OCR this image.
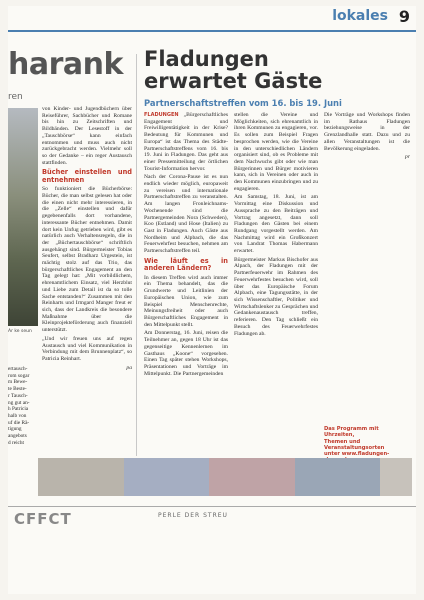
lokales 9
harank
ren
Ar ke seun
ertausch-
rom sogar
m Bewe-
te Beste-
r Tausch-
ng gut an-
h Patricia
halb von
uf die Rä-
tigung
angebots
d reicht

von Kinder- und Jugendbüchern über Reiseführer, Sachbücher und Romane bis hin zu Zeitschriften und Bildbänden. Der Lesestoff in der „Tauschbörse“ kann einfach entnommen und muss auch nicht zurückgebracht werden. Vielmehr soll so der Gedanke – ein reger Austausch stattfinden.

Bücher einstellen und entnehmen

So funktioniert die Bücherbörse: Bücher, die man selbst gelesen hat oder die einen nicht mehr interessieren, in die „Zelle“ einstellen und dafür gegebenenfalls dort vorhandene, interessante Bücher entnehmen. Damit dort kein Unfug getrieben wird, gibt es natürlich auch Verhaltensregeln, die in der „Büchertauschbörse“ schriftlich ausgehängt sind. Bürgermeister Tobias Seufert, selbst Bradharz Urgestein, ist mächtig stolz auf das Trio, das bürgerschaftliches Engagement an den Tag gelegt hat: „Mit vorbildlichem, ehrenamtlichem Einsatz, viel Herzblut und Liebe zum Detail ist da so tolle Sache entstanden!“ Zusammen mit den Reinharts und Irmgard Manger freut er sich, dass der Landkreis die besondere Maßnahme über die Kleinprojekteförderung auch finanziell unterstützt.

„Und wir freuen uns auf regen Austausch und viel Kommunikation in Verbindung mit dem Brunnenplatz“, so Patricia Reinhart.

pa

Fladungen
erwartet Gäste
Partnerschaftstreffen vom 16. bis 19. Juni

FLADUNGEN „Bürgerschaftliches Engagement und Freiwilligentätigkeit in der Krise? Bedeutung für Kommunen und Europa“ ist das Thema des Städte-Partnerschaftstreffens vom 16. bis 19. Juni in Fladungen. Das geht aus einer Pressemitteilung der örtlichen Tourist-Information hervor.

Nach der Corona-Pause ist es nun endlich wieder möglich, europaweit zu vereisen und internationale Partnerschaftstreffen zu veranstalten. Am langen Fronleichnams-Wochenende sind die Partnergemeinden Nora (Schweden), Koo (Estland) und Hose (Italien) zu Gast in Fladungen. Auch Gäste aus Nordheim und Alpbach, die das Feuerwehrfest besuchen, nehmen am Partnerschaftstreffen teil.

Wie läuft es in anderen Ländern?

In diesem Treffen wird auch immer ein Thema behandelt, das die Grundwerte und Leitlinien der Europäischen Union, wie zum Beispiel Menschenrechte, Meinungsfreiheit oder auch Bürgerschaftliches Engagement in den Mittelpunkt stellt.

Am Donnerstag, 16. Juni, reisen die Teilnehmer an, gegen 18 Uhr ist das gegenseitige Kennenlernen im Gasthaus „Koone“ vorgesehen. Einen Tag später stehen Workshops, Präsentationen und Vorträge im Mittelpunkt. Die Partnergemeinden

stellen die Vereine und Möglichkeiten, sich ehrenamtlich in ihren Kommunen zu engagieren, vor. Es sollen zum Beispiel Fragen besprochen werden, wie die Vereine in den unterschiedlichen Ländern organisiert sind, ob es Probleme mit dem Nachwuchs gibt oder wie man Bürgerinnen und Bürger motivieren kann, sich in Vereinen oder auch in den Kommunen einzubringen und zu engagieren.

Am Samstag, 18. Juni, ist am Vormittag eine Diskussion und Aussprache zu den Beiträgen und Vortrag angesetzt, dann soll Fladungen den Gästen bei einem Rundgang vorgestellt werden. Am Nachmittag wird ein Großkonzert von Landrat Thomas Habermann erwartet.

Bürgermeister Markus Bischofer aus Alpach, der Fladungen mit der Partnerfeuerwehr im Rahmen des Feuerwehrfestes besuchen wird, soll über das Europäische Forum Alpbach, eine Tagungsstätte, in der sich Wissenschaftler, Politiker und Wirtschaftslenker zu Gesprächen und Gedankenaustausch treffen, referieren. Den Tag schließt ein Besuch des Feuerwehrfestes Fladungen ab.

Die Vorträge und Workshops finden im Rathaus Fladungen beziehungsweise in der Grenzlandhalle statt. Dazu und zu allen Veranstaltungen ist die Bevölkerung eingeladen.

pr

Das Programm mit Uhrzeiten,
Themen und Veranstaltungsorten
unter www.fladungen-
CFFCT	PERLE DER STREU
